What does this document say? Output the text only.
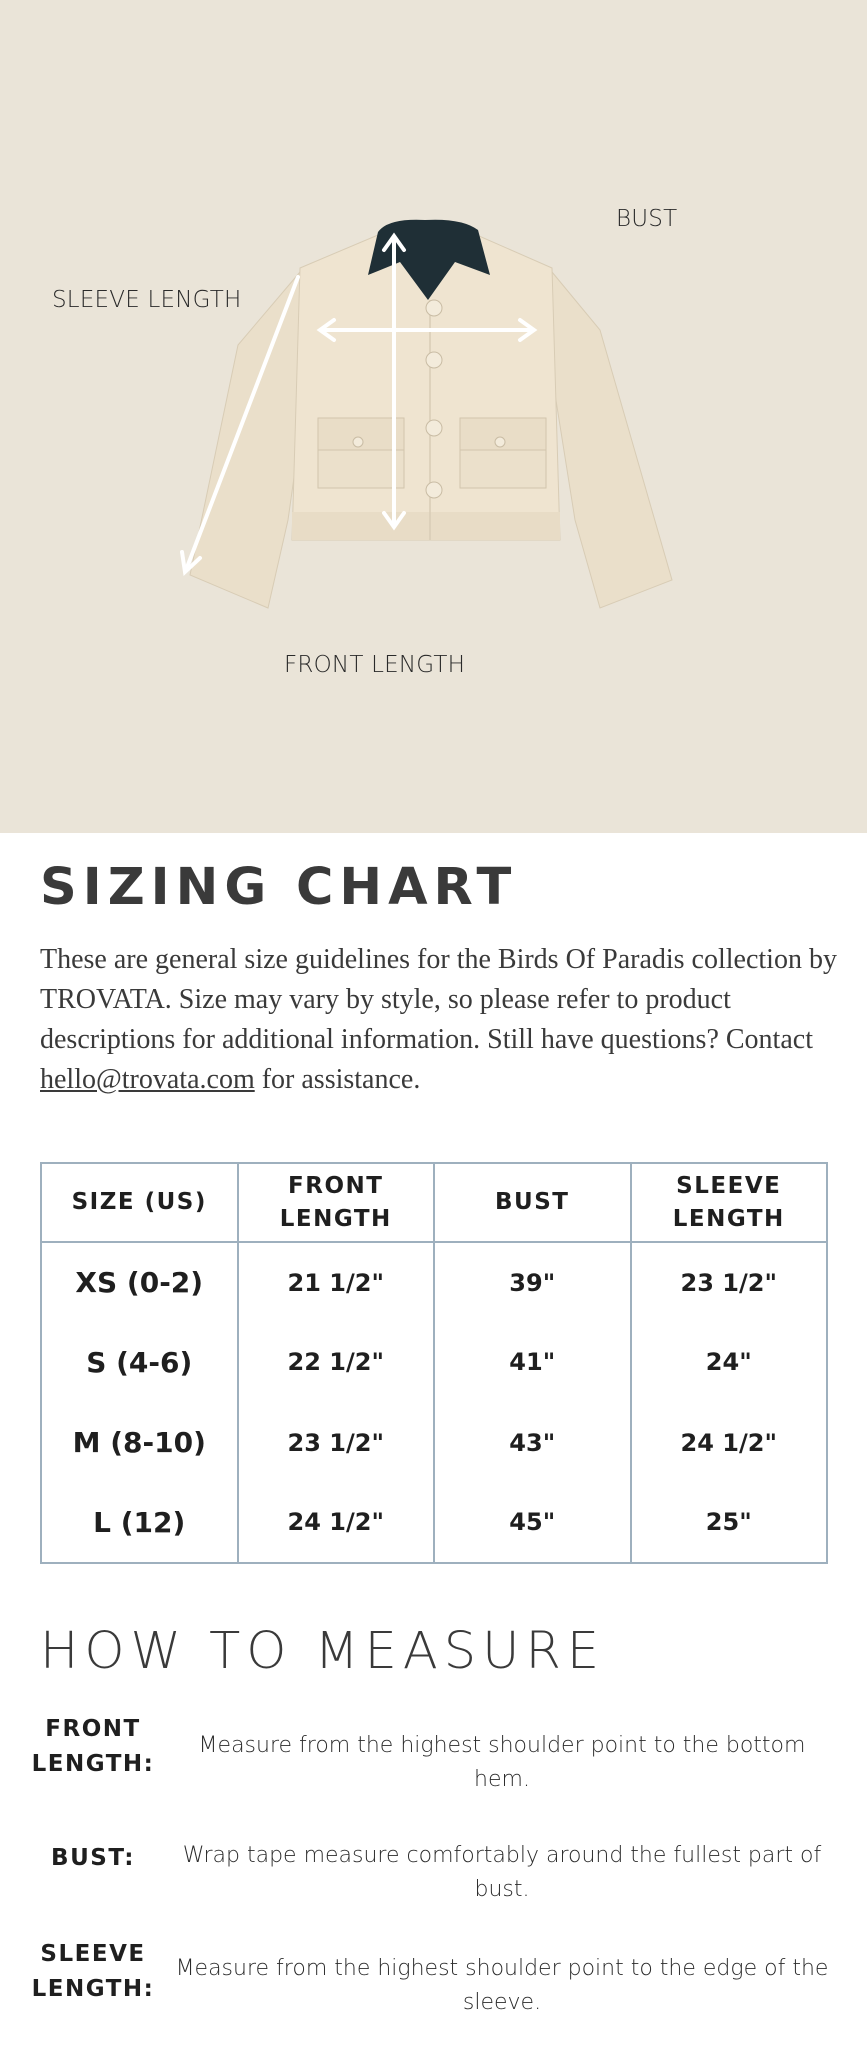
BUST
SLEEVE LENGTH
FRONT LENGTH
SIZING CHART

These are general size guidelines for the Birds Of Paradis collection by TROVATA. Size may vary by style, so please refer to product descriptions for additional information. Still have questions? Contact hello@trovata.com for assistance.

SIZE (US)	FRONT LENGTH	BUST	SLEEVE LENGTH
XS (0-2)	21 1/2"	39"	23 1/2"
S (4-6)	22 1/2"	41"	24"
M (8-10)	23 1/2"	43"	24 1/2"
L (12)	24 1/2"	45"	25"
HOW TO MEASURE
FRONT LENGTH:
Measure from the highest shoulder point to the bottom hem.
BUST:	Wrap tape measure comfortably around the fullest part of bust.
SLEEVE LENGTH:
Measure from the highest shoulder point to the edge of the sleeve.
